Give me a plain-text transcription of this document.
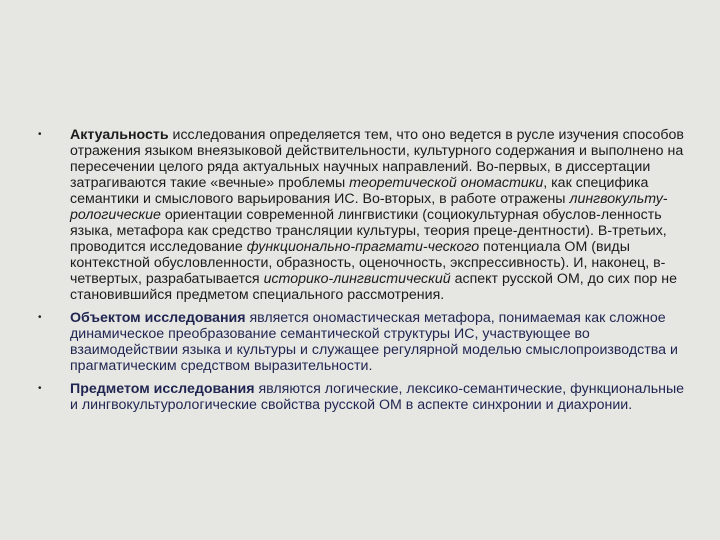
• Актуальность исследования определяется тем, что оно ведется в русле изучения способов отражения языком внеязыковой действительности, культурного содержания и выполнено на пересечении целого ряда актуальных научных направлений. Во-первых, в диссертации затрагиваются такие «вечные» проблемы теоретической ономастики, как специфика семантики и смыслового варьирования ИС. Во-вторых, в работе отражены лингвокульту-рологические ориентации современной лингвистики (социокультурная обуслов-ленность языка, метафора как средство трансляции культуры, теория преце-дентности). В-третьих, проводится исследование функционально-прагмати-ческого потенциала ОМ (виды контекстной обусловленности, образность, оценочность, экспрессивность). И, наконец, в-четвертых, разрабатывается историко-лингвистический аспект русской ОМ, до сих пор не становившийся предметом специального рассмотрения.
• Объектом исследования является ономастическая метафора, понимаемая как сложное динамическое преобразование семантической структуры ИС, участвующее во взаимодействии языка и культуры и служащее регулярной моделью смыслопроизводства и прагматическим средством выразительности.
• Предметом исследования являются логические, лексико-семантические, функциональные и лингвокультурологические свойства русской ОМ в аспекте синхронии и диахронии.
